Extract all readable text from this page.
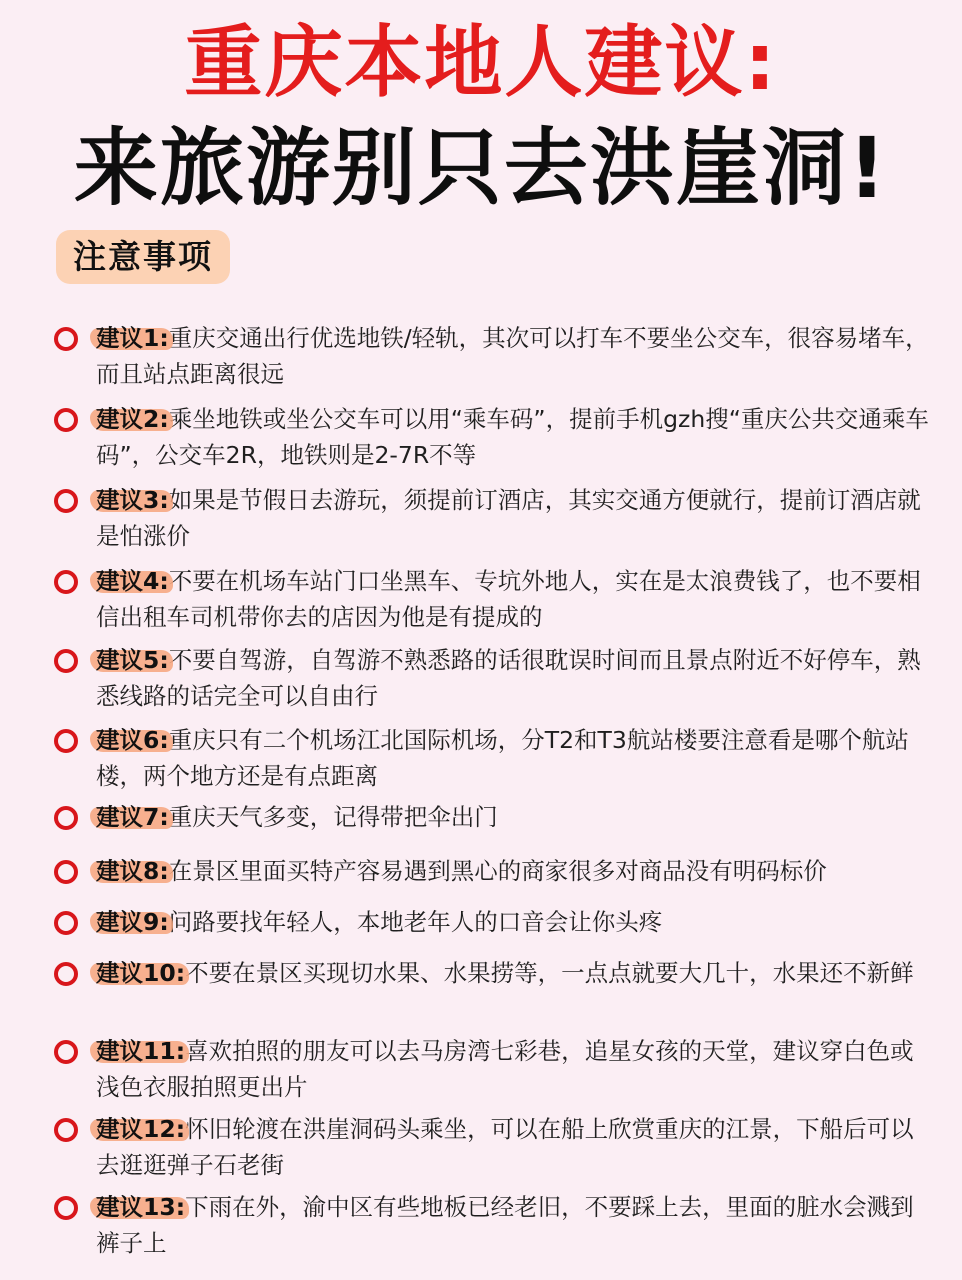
重庆本地人建议:
来旅游别只去洪崖洞!
注意事项
建议1:重庆交通出行优选地铁/轻轨，其次可以打车不要坐公交车，很容易堵车，而且站点距离很远
建议2:乘坐地铁或坐公交车可以用“乘车码”，提前手机gzh搜“重庆公共交通乘车码”，公交车2R，地铁则是2-7R不等
建议3:如果是节假日去游玩，须提前订酒店，其实交通方便就行，提前订酒店就是怕涨价
建议4:不要在机场车站门口坐黑车、专坑外地人，实在是太浪费钱了，也不要相信出租车司机带你去的店因为他是有提成的
建议5:不要自驾游，自驾游不熟悉路的话很耽误时间而且景点附近不好停车，熟悉线路的话完全可以自由行
建议6:重庆只有二个机场江北国际机场，分T2和T3航站楼要注意看是哪个航站楼，两个地方还是有点距离
建议7:重庆天气多变，记得带把伞出门
建议8:在景区里面买特产容易遇到黑心的商家很多对商品没有明码标价
建议9:问路要找年轻人，本地老年人的口音会让你头疼
建议10:不要在景区买现切水果、水果捞等，一点点就要大几十，水果还不新鲜
建议11:喜欢拍照的朋友可以去马房湾七彩巷，追星女孩的天堂，建议穿白色或浅色衣服拍照更出片
建议12:怀旧轮渡在洪崖洞码头乘坐，可以在船上欣赏重庆的江景，下船后可以去逛逛弹子石老街
建议13:下雨在外，渝中区有些地板已经老旧，不要踩上去，里面的脏水会溅到裤子上
